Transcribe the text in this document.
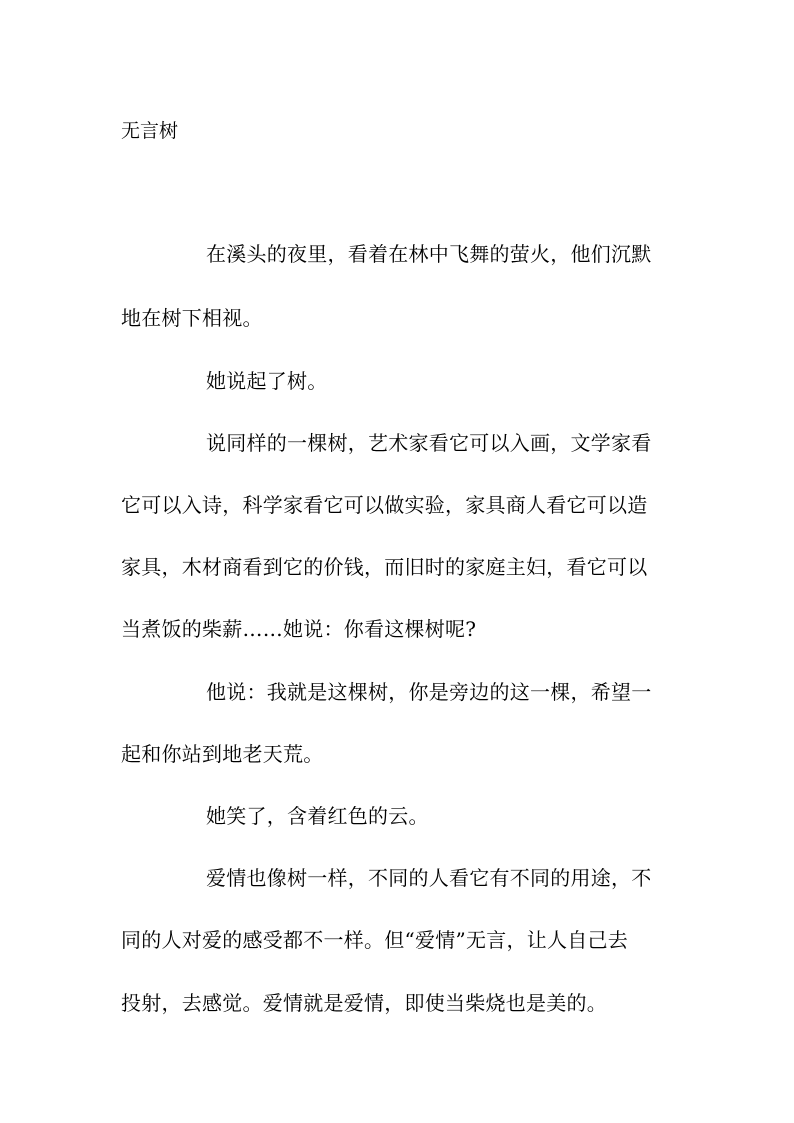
无言树
在溪头的夜里，看着在林中飞舞的萤火，他们沉默
地在树下相视。
她说起了树。
说同样的一棵树，艺术家看它可以入画，文学家看
它可以入诗，科学家看它可以做实验，家具商人看它可以造
家具，木材商看到它的价钱，而旧时的家庭主妇，看它可以
当煮饭的柴薪……她说：你看这棵树呢?
他说：我就是这棵树，你是旁边的这一棵，希望一
起和你站到地老天荒。
她笑了，含着红色的云。
爱情也像树一样，不同的人看它有不同的用途，不
同的人对爱的感受都不一样。但“爱情”无言，让人自己去
投射，去感觉。爱情就是爱情，即使当柴烧也是美的。
